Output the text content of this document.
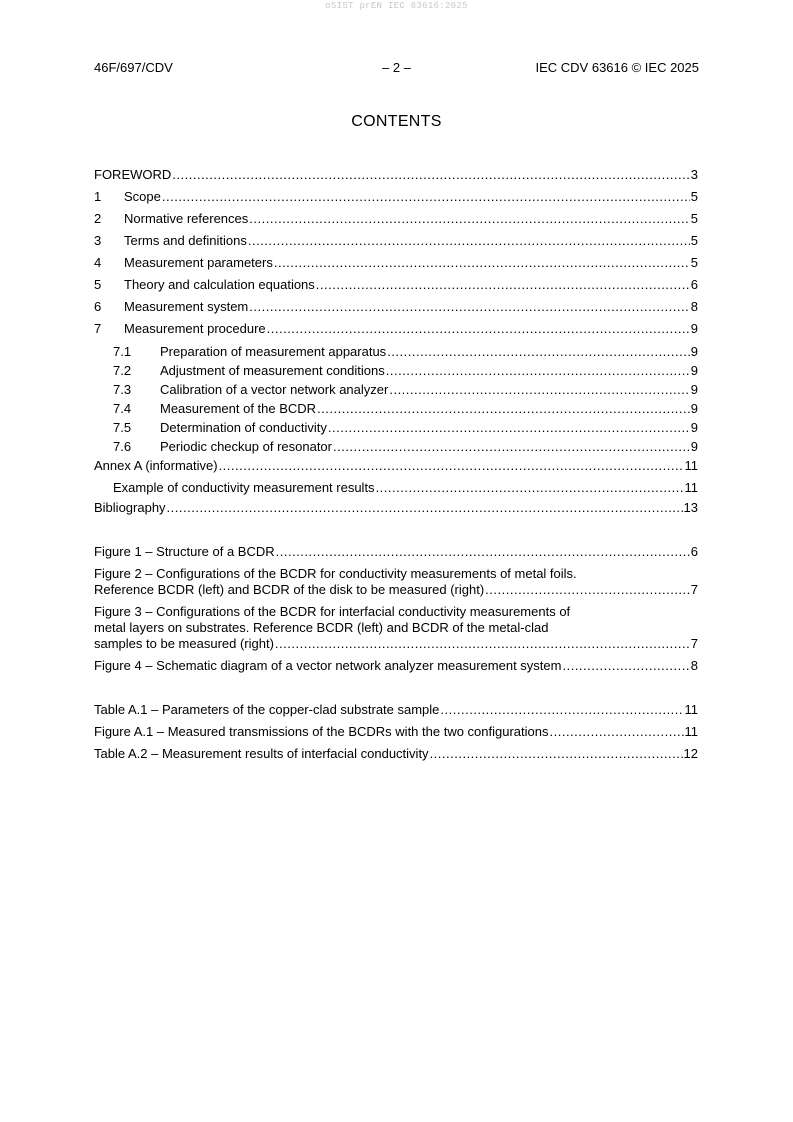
oSIST prEN IEC 63616:2025
46F/697/CDV	– 2 –	IEC CDV 63616 © IEC 2025
CONTENTS
FOREWORD .....	3
1	Scope .....	5
2	Normative references .....	5
3	Terms and definitions .....	5
4	Measurement parameters .....	5
5	Theory and calculation equations .....	6
6	Measurement system .....	8
7	Measurement procedure .....	9
7.1	Preparation of measurement apparatus .....	9
7.2	Adjustment of measurement conditions .....	9
7.3	Calibration of a vector network analyzer .....	9
7.4	Measurement of the BCDR .....	9
7.5	Determination of conductivity .....	9
7.6	Periodic checkup of resonator .....	9
Annex A (informative) .....	11
Example of conductivity measurement results .....	11
Bibliography .....	13
Figure 1 – Structure of a BCDR .....	6
Figure 2 – Configurations of the BCDR for conductivity measurements of metal foils.
Reference BCDR (left) and BCDR of the disk to be measured (right) .....	7
Figure 3 – Configurations of the BCDR for interfacial conductivity measurements of
metal layers on substrates. Reference BCDR (left) and BCDR of the metal-clad
samples to be measured (right) .....	7
Figure 4 – Schematic diagram of a vector network analyzer measurement system .....	8
Table A.1 – Parameters of the copper-clad substrate sample .....	11
Figure A.1 – Measured transmissions of the BCDRs with the two configurations .....	11
Table A.2 – Measurement results of interfacial conductivity .....	12
